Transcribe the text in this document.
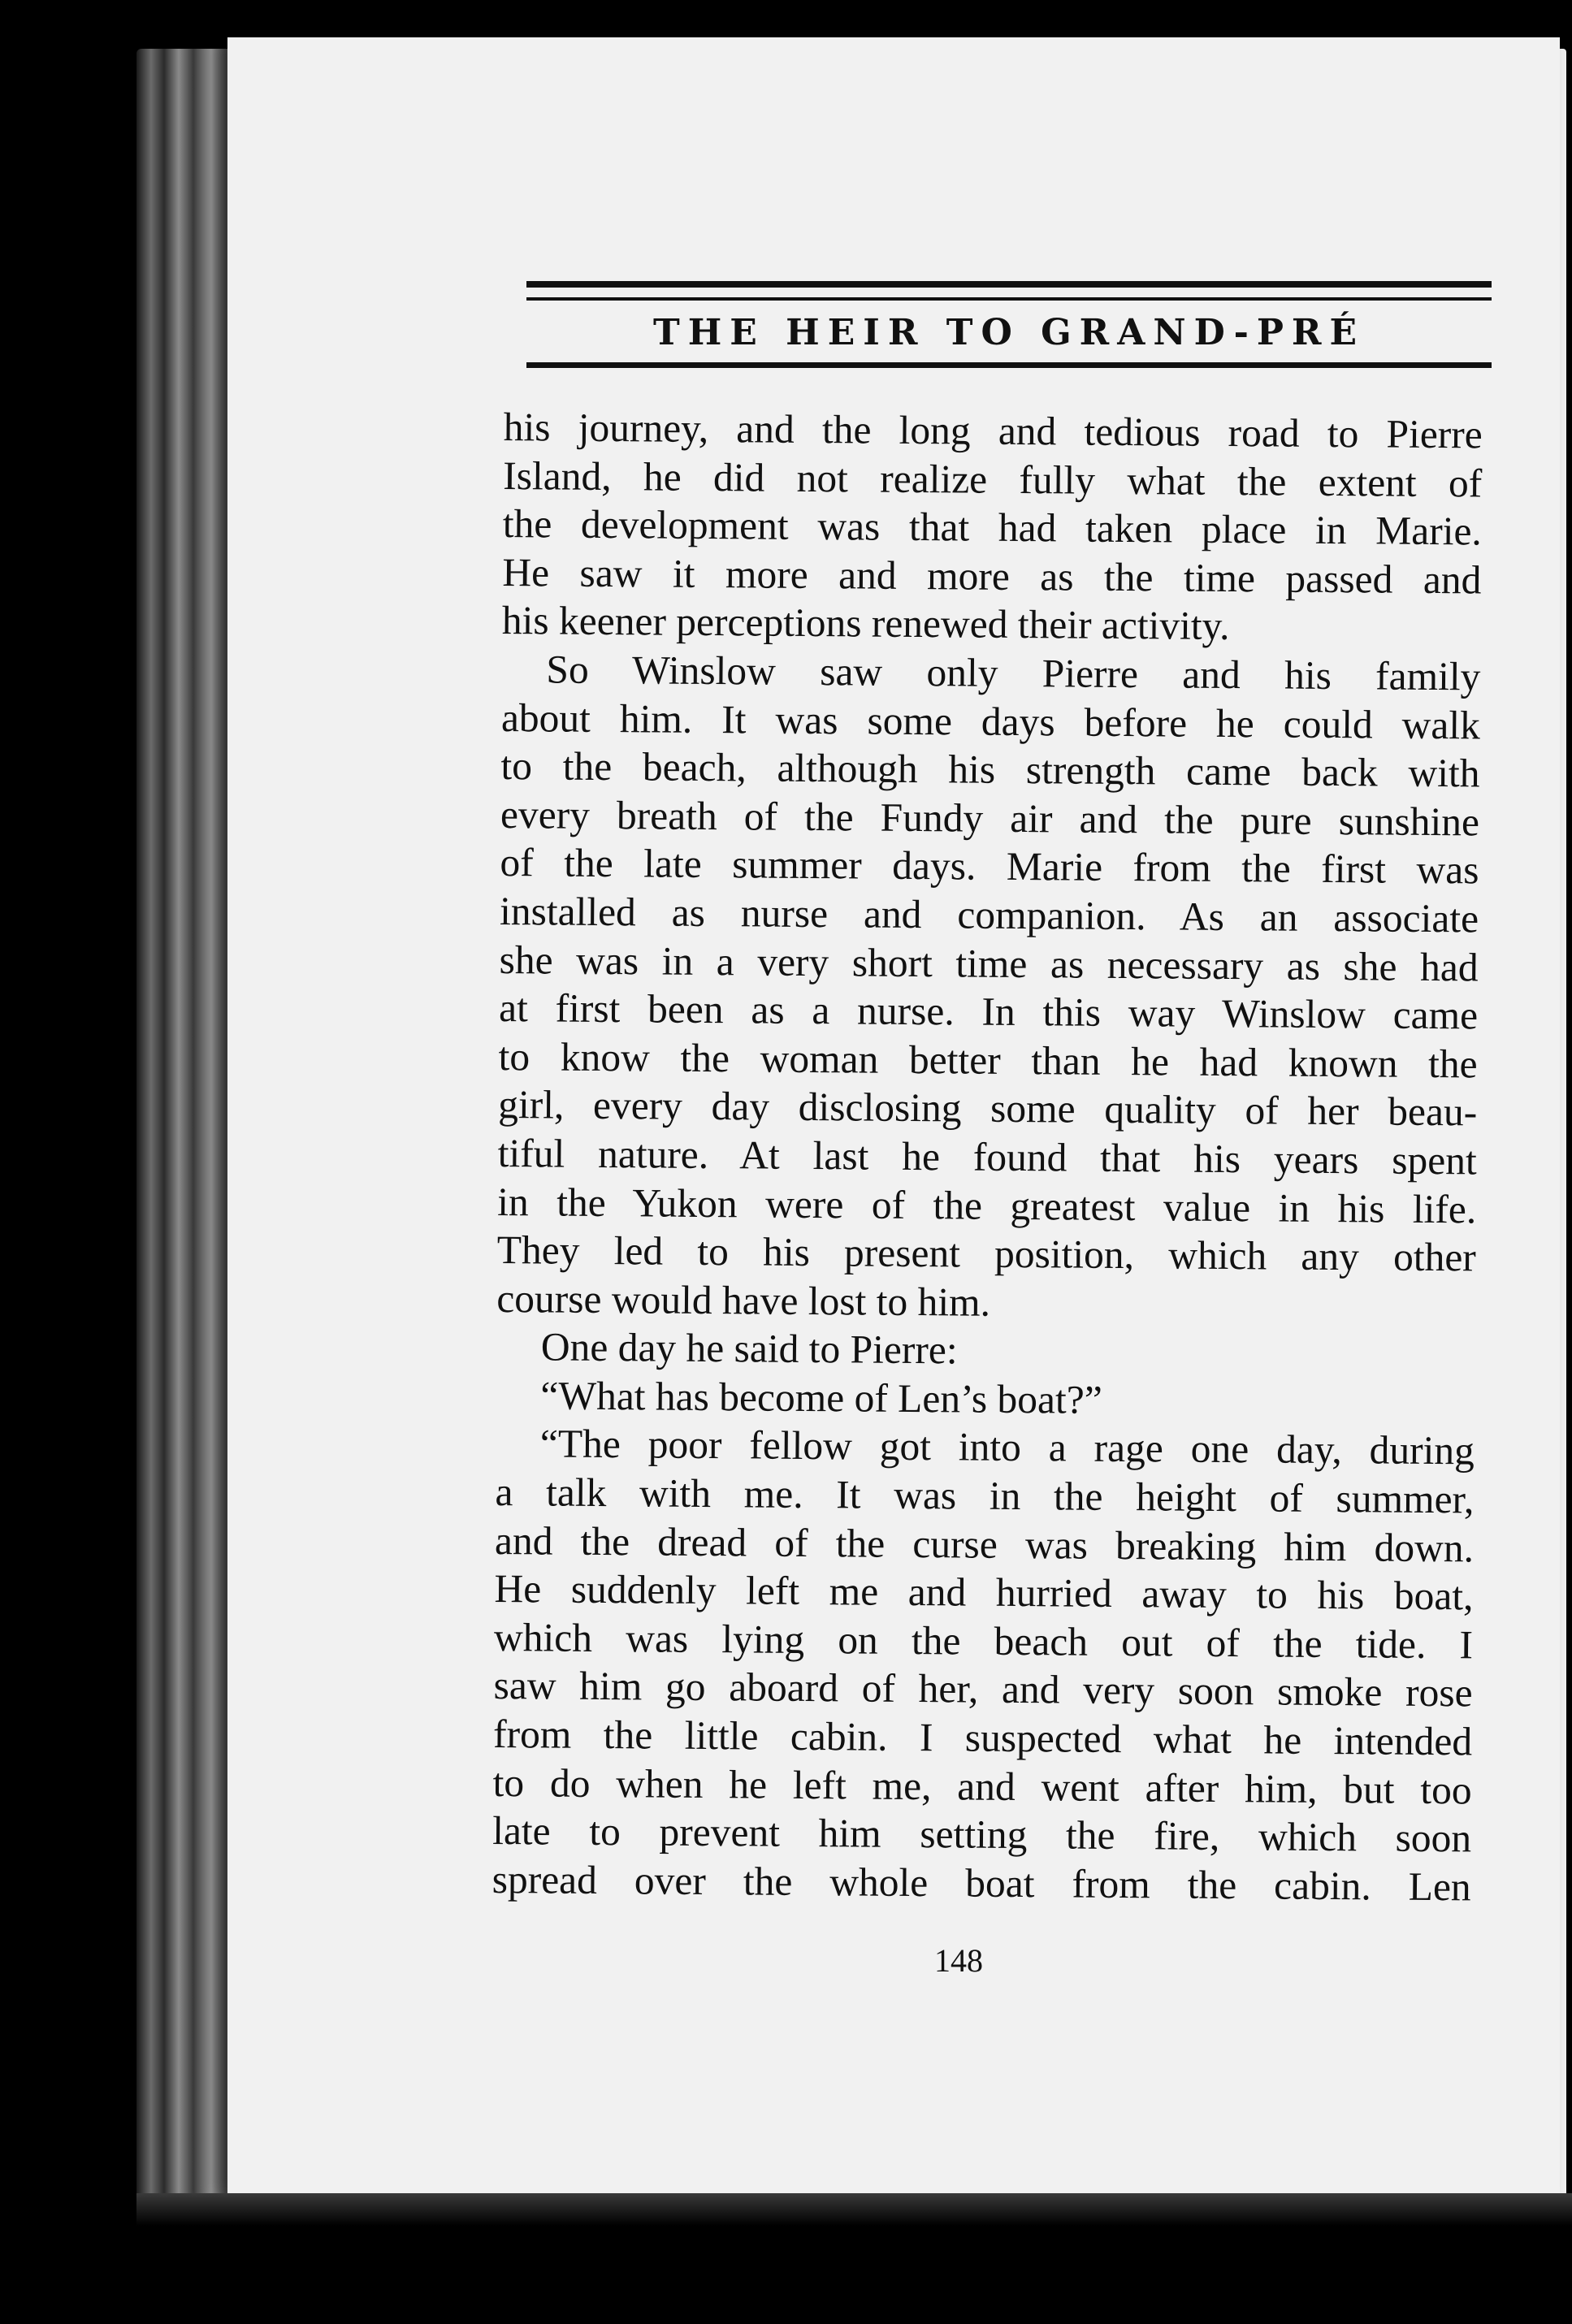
THE HEIR TO GRAND-PRÉ
his journey, and the long and tedious road to Pierre
Island, he did not realize fully what the extent of
the development was that had taken place in Marie.
He saw it more and more as the time passed and
his keener perceptions renewed their activity.
So Winslow saw only Pierre and his family
about him. It was some days before he could walk
to the beach, although his strength came back with
every breath of the Fundy air and the pure sunshine
of the late summer days. Marie from the first was
installed as nurse and companion. As an associate
she was in a very short time as necessary as she had
at first been as a nurse. In this way Winslow came
to know the woman better than he had known the
girl, every day disclosing some quality of her beau-
tiful nature. At last he found that his years spent
in the Yukon were of the greatest value in his life.
They led to his present position, which any other
course would have lost to him.
One day he said to Pierre:
“What has become of Len’s boat?”
“The poor fellow got into a rage one day, during
a talk with me. It was in the height of summer,
and the dread of the curse was breaking him down.
He suddenly left me and hurried away to his boat,
which was lying on the beach out of the tide. I
saw him go aboard of her, and very soon smoke rose
from the little cabin. I suspected what he intended
to do when he left me, and went after him, but too
late to prevent him setting the fire, which soon
spread over the whole boat from the cabin. Len
148
